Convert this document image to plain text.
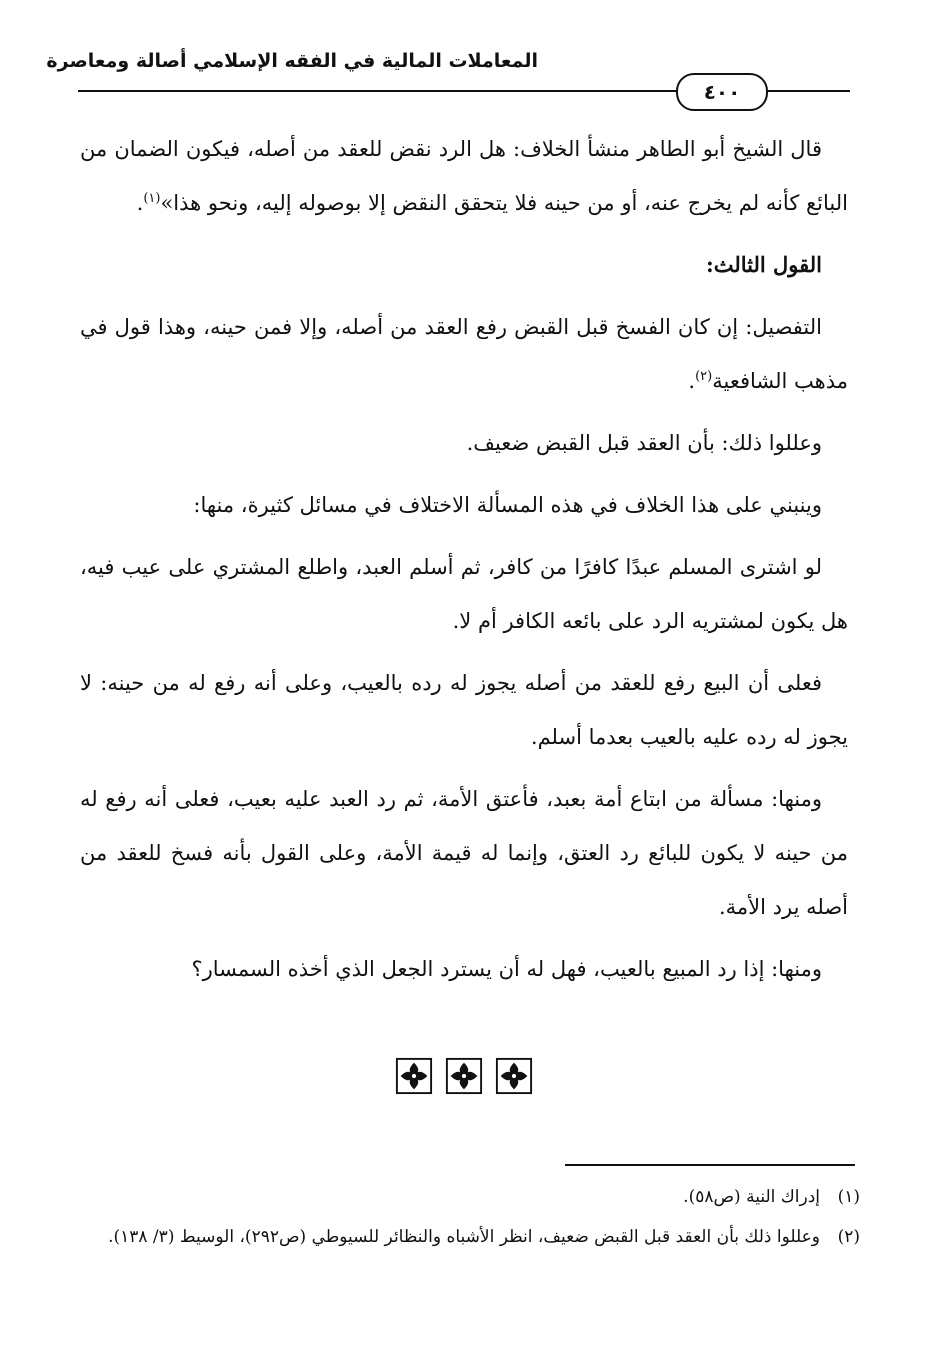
المعاملات المالية في الفقه الإسلامي أصالة ومعاصرة
٤٠٠

قال الشيخ أبو الطاهر منشأ الخلاف: هل الرد نقض للعقد من أصله، فيكون الضمان من البائع كأنه لم يخرج عنه، أو من حينه فلا يتحقق النقض إلا بوصوله إليه، ونحو هذا»$^{(١)}$.

القول الثالث:

التفصيل: إن كان الفسخ قبل القبض رفع العقد من أصله، وإلا فمن حينه، وهذا قول في مذهب الشافعية$^{(٢)}$.

وعللوا ذلك: بأن العقد قبل القبض ضعيف.

وينبني على هذا الخلاف في هذه المسألة الاختلاف في مسائل كثيرة، منها:

لو اشترى المسلم عبدًا كافرًا من كافر، ثم أسلم العبد، واطلع المشتري على عيب فيه، هل يكون لمشتريه الرد على بائعه الكافر أم لا.

فعلى أن البيع رفع للعقد من أصله يجوز له رده بالعيب، وعلى أنه رفع له من حينه: لا يجوز له رده عليه بالعيب بعدما أسلم.

ومنها: مسألة من ابتاع أمة بعبد، فأعتق الأمة، ثم رد العبد عليه بعيب، فعلى أنه رفع له من حينه لا يكون للبائع رد العتق، وإنما له قيمة الأمة، وعلى القول بأنه فسخ للعقد من أصله يرد الأمة.

ومنها: إذا رد المبيع بالعيب، فهل له أن يسترد الجعل الذي أخذه السمسار؟

(١)
إدراك النية (ص٥٨).
(٢)
وعللوا ذلك بأن العقد قبل القبض ضعيف، انظر الأشباه والنظائر للسيوطي (ص٢٩٢)، الوسيط (٣/ ١٣٨).
